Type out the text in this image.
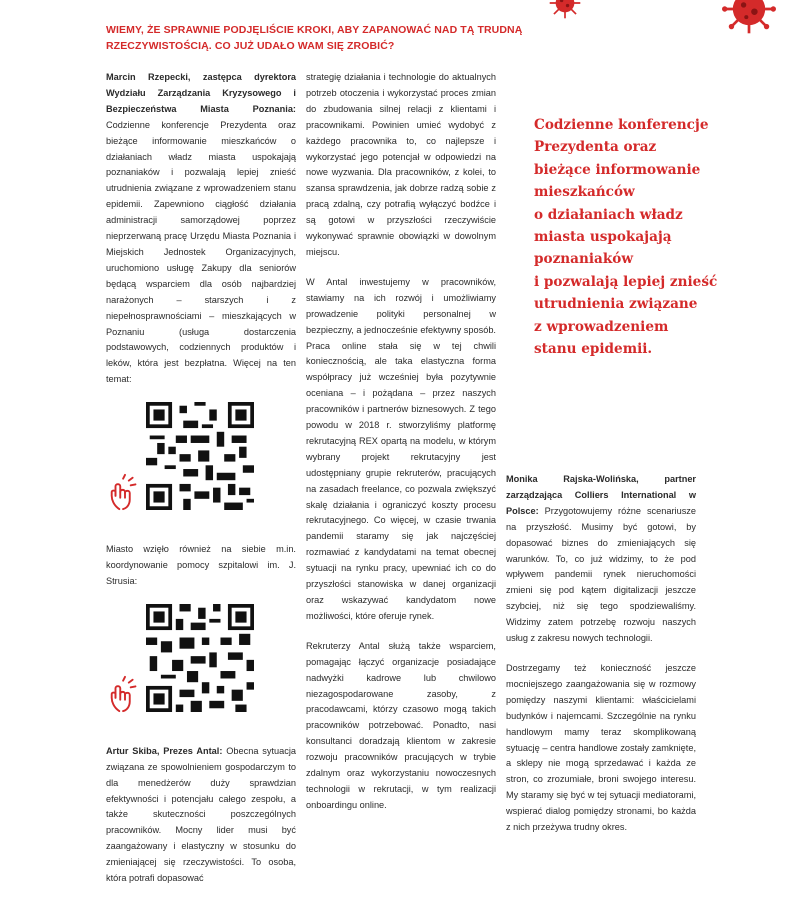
WIEMY, ŻE SPRAWNIE PODJĘLIŚCIE KROKI, ABY ZAPANOWAĆ NAD TĄ TRUDNĄ RZECZYWISTOŚCIĄ. CO JUŻ UDAŁO WAM SIĘ ZROBIĆ?

Marcin Rzepecki, zastępca dyrektora Wydziału Zarządzania Kryzysowego i Bezpieczeństwa Miasta Poznania: Codzienne konferencje Prezydenta oraz bieżące informowanie mieszkańców o działaniach władz miasta uspokajają poznaniaków i pozwalają lepiej znieść utrudnienia związane z wprowadzeniem stanu epidemii. Zapewniono ciągłość działania administracji samorządowej poprzez nieprzerwaną pracę Urzędu Miasta Poznania i Miejskich Jednostek Organizacyjnych, uruchomiono usługę Zakupy dla seniorów będącą wsparciem dla osób najbardziej narażonych – starszych i z niepełnosprawnościami – mieszkających w Poznaniu (usługa dostarczenia podstawowych, codziennych produktów i leków, która jest bezpłatna. Więcej na ten temat:

Miasto wzięło również na siebie m.in. koordynowanie pomocy szpitalowi im. J. Strusia:

Artur Skiba, Prezes Antal: Obecna sytuacja związana ze spowolnieniem gospodarczym to dla menedżerów duży sprawdzian efektywności i potencjału całego zespołu, a także skuteczności poszczególnych pracowników. Mocny lider musi być zaangażowany i elastyczny w stosunku do zmieniającej się rzeczywistości. To osoba, która potrafi dopasować

strategię działania i technologie do aktualnych potrzeb otoczenia i wykorzystać proces zmian do zbudowania silnej relacji z klientami i pracownikami. Powinien umieć wydobyć z każdego pracownika to, co najlepsze i wykorzystać jego potencjał w odpowiedzi na nowe wyzwania. Dla pracowników, z kolei, to szansa sprawdzenia, jak dobrze radzą sobie z pracą zdalną, czy potrafią wyłączyć bodźce i są gotowi w przyszłości rzeczywiście wykonywać sprawnie obowiązki w dowolnym miejscu.

W Antal inwestujemy w pracowników, stawiamy na ich rozwój i umożliwiamy prowadzenie polityki personalnej w bezpieczny, a jednocześnie efektywny sposób. Praca online stała się w tej chwili koniecznością, ale taka elastyczna forma współpracy już wcześniej była pozytywnie oceniana – i pożądana – przez naszych pracowników i partnerów biznesowych. Z tego powodu w 2018 r. stworzyliśmy platformę rekrutacyjną REX opartą na modelu, w którym wybrany projekt rekrutacyjny jest udostępniany grupie rekruterów, pracujących na zasadach freelance, co pozwala zwiększyć skalę działania i ograniczyć koszty procesu rekrutacyjnego. Co więcej, w czasie trwania pandemii staramy się jak najczęściej rozmawiać z kandydatami na temat obecnej sytuacji na rynku pracy, upewniać ich co do przyszłości stanowiska w danej organizacji oraz wskazywać kandydatom nowe możliwości, które oferuje rynek.

Rekruterzy Antal służą także wsparciem, pomagając łączyć organizacje posiadające nadwyżki kadrowe lub chwilowo niezagospodarowane zasoby, z pracodawcami, którzy czasowo mogą takich pracowników potrzebować. Ponadto, nasi konsultanci doradzają klientom w zakresie rozwoju pracowników pracujących w trybie zdalnym oraz wykorzystaniu nowoczesnych technologii w rekrutacji, w tym realizacji onboardingu online.

Codzienne konferencje
Prezydenta oraz
bieżące informowanie
mieszkańców
o działaniach władz
miasta uspokajają
poznaniaków
i pozwalają lepiej znieść
utrudnienia związane
z wprowadzeniem
stanu epidemii.

Monika Rajska-Wolińska, partner zarządzająca Colliers International w Polsce: Przygotowujemy różne scenariusze na przyszłość. Musimy być gotowi, by dopasować biznes do zmieniających się warunków. To, co już widzimy, to że pod wpływem pandemii rynek nieruchomości zmieni się pod kątem digitalizacji jeszcze szybciej, niż się tego spodziewaliśmy. Widzimy zatem potrzebę rozwoju naszych usług z zakresu nowych technologii.

Dostrzegamy też konieczność jeszcze mocniejszego zaangażowania się w rozmowy pomiędzy naszymi klientami: właścicielami budynków i najemcami. Szczególnie na rynku handlowym mamy teraz skomplikowaną sytuację – centra handlowe zostały zamknięte, a sklepy nie mogą sprzedawać i każda ze stron, co zrozumiałe, broni swojego interesu. My staramy się być w tej sytuacji mediatorami, wspierać dialog pomiędzy stronami, bo każda z nich przeżywa trudny okres.
